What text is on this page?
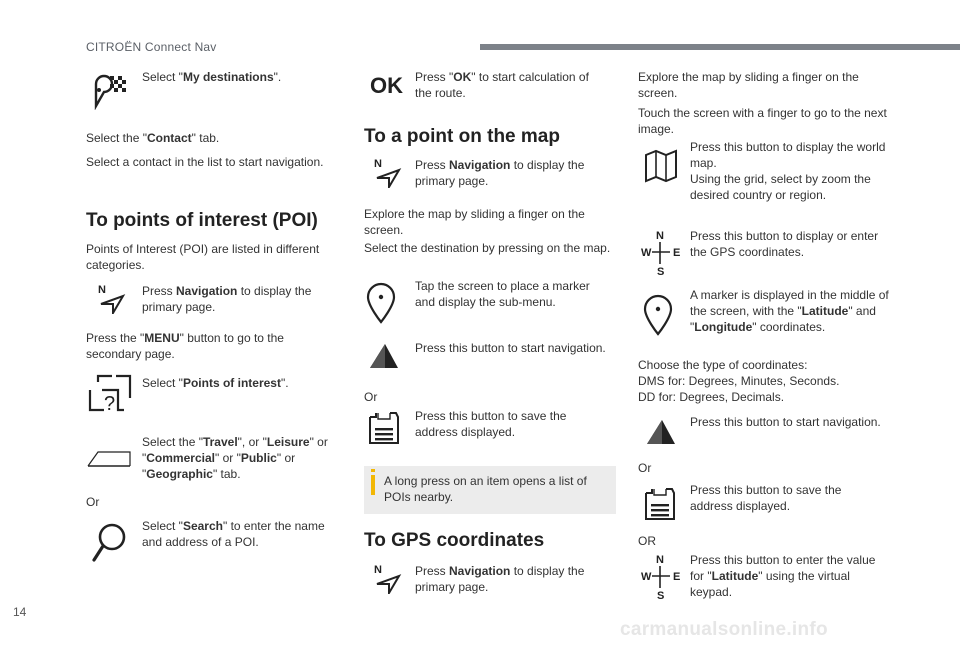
CITROËN Connect Nav
Select "My destinations".
Select the "Contact" tab.
Select a contact in the list to start navigation.
To points of interest (POI)
Points of Interest (POI) are listed in different categories.
N	Press Navigation to display the primary page.
Press the "MENU" button to go to the secondary page.
?
Select "Points of interest".
Select the "Travel", or "Leisure" or "Commercial" or "Public" or "Geographic" tab.
Or
Select "Search" to enter the name and address of a POI.
OK Press "OK" to start calculation of the route.
To a point on the map
N	Press Navigation to display the primary page.
Explore the map by sliding a finger on the screen.
Select the destination by pressing on the map.
Tap the screen to place a marker and display the sub-menu.
Press this button to start navigation.
Or
Press this button to save the address displayed.
A long press on an item opens a list of POIs nearby.
To GPS coordinates
N	Press Navigation to display the primary page.
Explore the map by sliding a finger on the screen.
Touch the screen with a finger to go to the next image.
Press this button to display the world map.
Using the grid, select by zoom the desired country or region.
N
W E
S
Press this button to display or enter the GPS coordinates.
A marker is displayed in the middle of the screen, with the "Latitude" and "Longitude" coordinates.
Choose the type of coordinates:
DMS for: Degrees, Minutes, Seconds.
DD for: Degrees, Decimals.
Press this button to start navigation.
Or
Press this button to save the address displayed.
OR
N
W E
S
Press this button to enter the value for "Latitude" using the virtual keypad.
14
carmanualsonline.info
